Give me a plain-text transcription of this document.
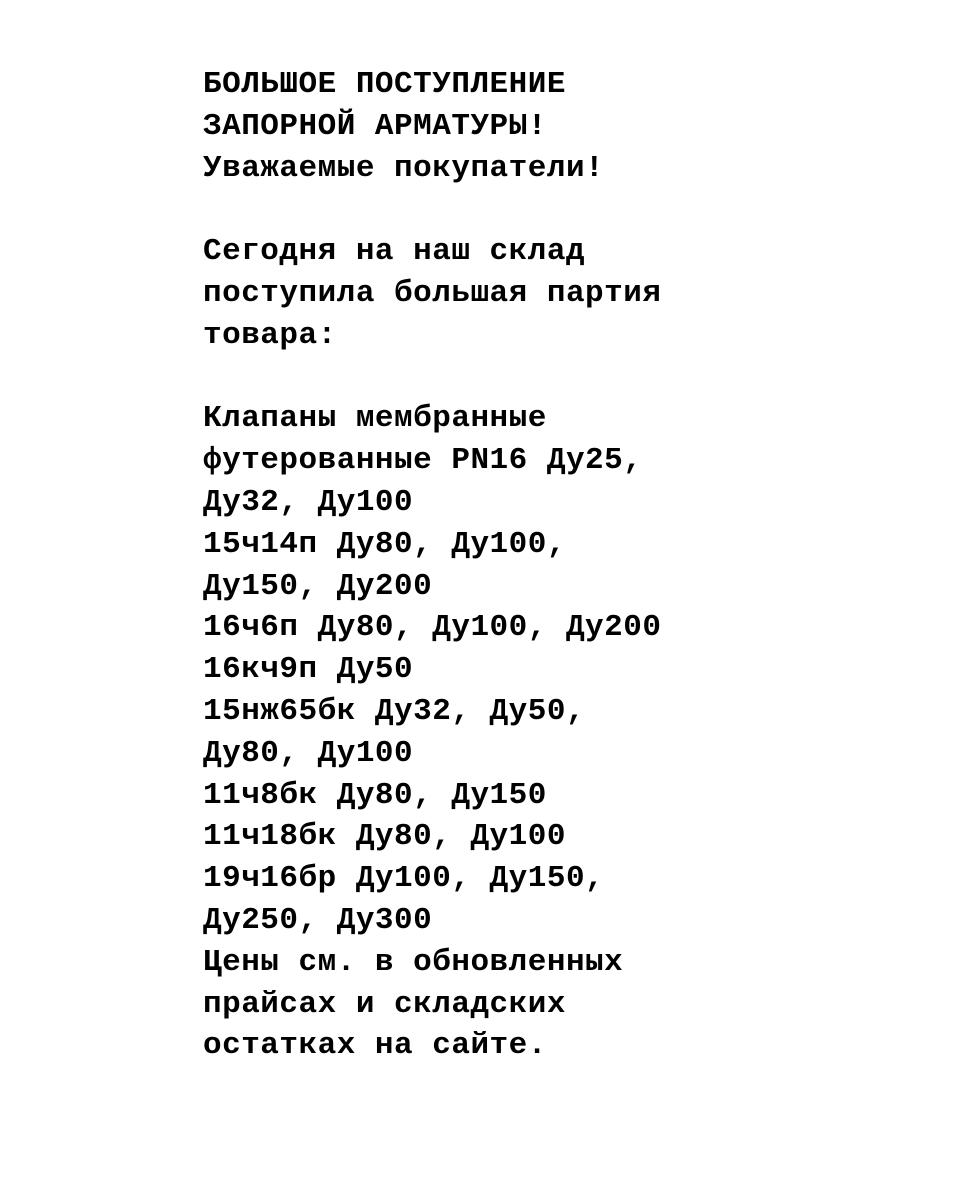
БОЛЬШОЕ ПОСТУПЛЕНИЕ
ЗАПОРНОЙ АРМАТУРЫ!
Уважаемые покупатели!
Сегодня на наш склад
поступила большая партия
товара:
Клапаны мембранные
футерованные PN16 Ду25,
Ду32, Ду100
15ч14п Ду80, Ду100,
Ду150, Ду200
16ч6п Ду80, Ду100, Ду200
16кч9п Ду50
15нж65бк Ду32, Ду50,
Ду80, Ду100
11ч8бк Ду80, Ду150
11ч18бк Ду80, Ду100
19ч16бр Ду100, Ду150,
Ду250, Ду300
Цены см. в обновленных
прайсах и складских
остатках на сайте.
